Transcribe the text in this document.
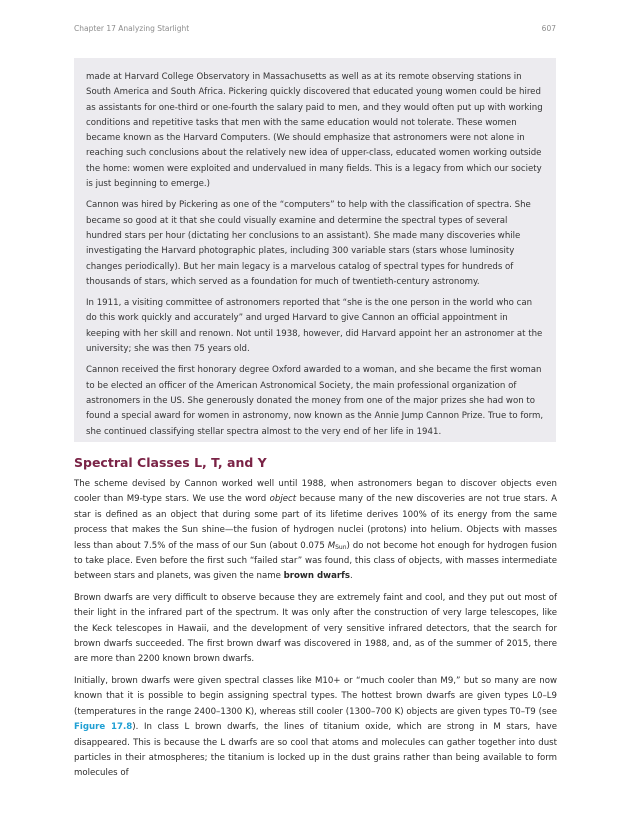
Chapter 17 Analyzing Starlight	607

made at Harvard College Observatory in Massachusetts as well as at its remote observing stations in South America and South Africa. Pickering quickly discovered that educated young women could be hired as assistants for one-third or one-fourth the salary paid to men, and they would often put up with working conditions and repetitive tasks that men with the same education would not tolerate. These women became known as the Harvard Computers. (We should emphasize that astronomers were not alone in reaching such conclusions about the relatively new idea of upper-class, educated women working outside the home: women were exploited and undervalued in many fields. This is a legacy from which our society is just beginning to emerge.)

Cannon was hired by Pickering as one of the “computers” to help with the classification of spectra. She became so good at it that she could visually examine and determine the spectral types of several hundred stars per hour (dictating her conclusions to an assistant). She made many discoveries while investigating the Harvard photographic plates, including 300 variable stars (stars whose luminosity changes periodically). But her main legacy is a marvelous catalog of spectral types for hundreds of thousands of stars, which served as a foundation for much of twentieth-century astronomy.

In 1911, a visiting committee of astronomers reported that “she is the one person in the world who can do this work quickly and accurately” and urged Harvard to give Cannon an official appointment in keeping with her skill and renown. Not until 1938, however, did Harvard appoint her an astronomer at the university; she was then 75 years old.

Cannon received the first honorary degree Oxford awarded to a woman, and she became the first woman to be elected an officer of the American Astronomical Society, the main professional organization of astronomers in the US. She generously donated the money from one of the major prizes she had won to found a special award for women in astronomy, now known as the Annie Jump Cannon Prize. True to form, she continued classifying stellar spectra almost to the very end of her life in 1941.

Spectral Classes L, T, and Y

The scheme devised by Cannon worked well until 1988, when astronomers began to discover objects even cooler than M9-type stars. We use the word object because many of the new discoveries are not true stars. A star is defined as an object that during some part of its lifetime derives 100% of its energy from the same process that makes the Sun shine—the fusion of hydrogen nuclei (protons) into helium. Objects with masses less than about 7.5% of the mass of our Sun (about 0.075 $M_{Sun}$) do not become hot enough for hydrogen fusion to take place. Even before the first such “failed star” was found, this class of objects, with masses intermediate between stars and planets, was given the name brown dwarfs.

Brown dwarfs are very difficult to observe because they are extremely faint and cool, and they put out most of their light in the infrared part of the spectrum. It was only after the construction of very large telescopes, like the Keck telescopes in Hawaii, and the development of very sensitive infrared detectors, that the search for brown dwarfs succeeded. The first brown dwarf was discovered in 1988, and, as of the summer of 2015, there are more than 2200 known brown dwarfs.

Initially, brown dwarfs were given spectral classes like M10+ or “much cooler than M9,” but so many are now known that it is possible to begin assigning spectral types. The hottest brown dwarfs are given types L0–L9 (temperatures in the range 2400–1300 K), whereas still cooler (1300–700 K) objects are given types T0–T9 (see Figure 17.8). In class L brown dwarfs, the lines of titanium oxide, which are strong in M stars, have disappeared. This is because the L dwarfs are so cool that atoms and molecules can gather together into dust particles in their atmospheres; the titanium is locked up in the dust grains rather than being available to form molecules of
